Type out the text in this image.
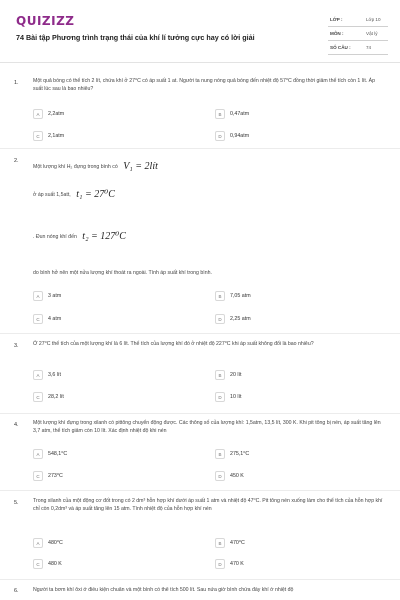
QUIZIZZ
74 Bài tập Phương trình trạng thái của khí lí tưởng cực hay có lời giải
LỚP :	Lớp 10
MÔN :	Vật lý
SỐ CÂU :	74
1.	Một quả bóng có thể tích 2 lít, chứa khí ở 27⁰C có áp suất 1 at. Người ta nung nóng quả bóng đến nhiệt độ 57⁰C đồng thời giảm thể tích còn 1 lít. Áp suất lúc sau là bao nhiêu?
A	2,2atm	B	0,47atm
C	2,1atm	D	0,94atm
2.
Một lượng khí H₂ đựng trong bình có V₁ = 2lít
ở áp suất 1,5att, t₁ = 27⁰C
. Đun nóng khí đến t₂ = 127⁰C
do bình hở nên một nửa lượng khí thoát ra ngoài. Tính áp suất khí trong bình.
A	3 atm	B	7,05 atm
C	4 atm	D	2,25 atm
3.	Ở 27⁰C thể tích của một lượng khí là 6 lít. Thể tích của lượng khí đó ở nhiệt độ 227⁰C khi áp suất không đổi là bao nhiêu?
A	3,6 lít	B	20 lít
C	28,2 lít	D	10 lít
4.	Một lượng khí đựng trong xilanh có pittông chuyển động được. Các thông số của lượng khí: 1,5atm, 13,5 lít, 300 K. Khi pit tông bị nén, áp suất tăng lên 3,7 atm, thể tích giảm còn 10 lít. Xác định nhiệt độ khi nén
A	548,1⁰C	B	275,1⁰C
C	273⁰C	D	450 K
5.	Trong xilanh của một động cơ đốt trong có 2 dm³ hỗn hợp khí dưới áp suất 1 atm và nhiệt độ 47⁰C. Pit tông nén xuống làm cho thể tích của hỗn hợp khí chỉ còn 0,2dm³ và áp suất tăng lên 15 atm. Tính nhiệt độ của hỗn hợp khí nén
A	480⁰C	B	470⁰C
C	480 K	D	470 K
6.	Người ta bơm khí ôxi ở điều kiện chuẩn và một bình có thể tích 500 lít. Sau nửa giờ bình chứa đầy khí ở nhiệt độ
